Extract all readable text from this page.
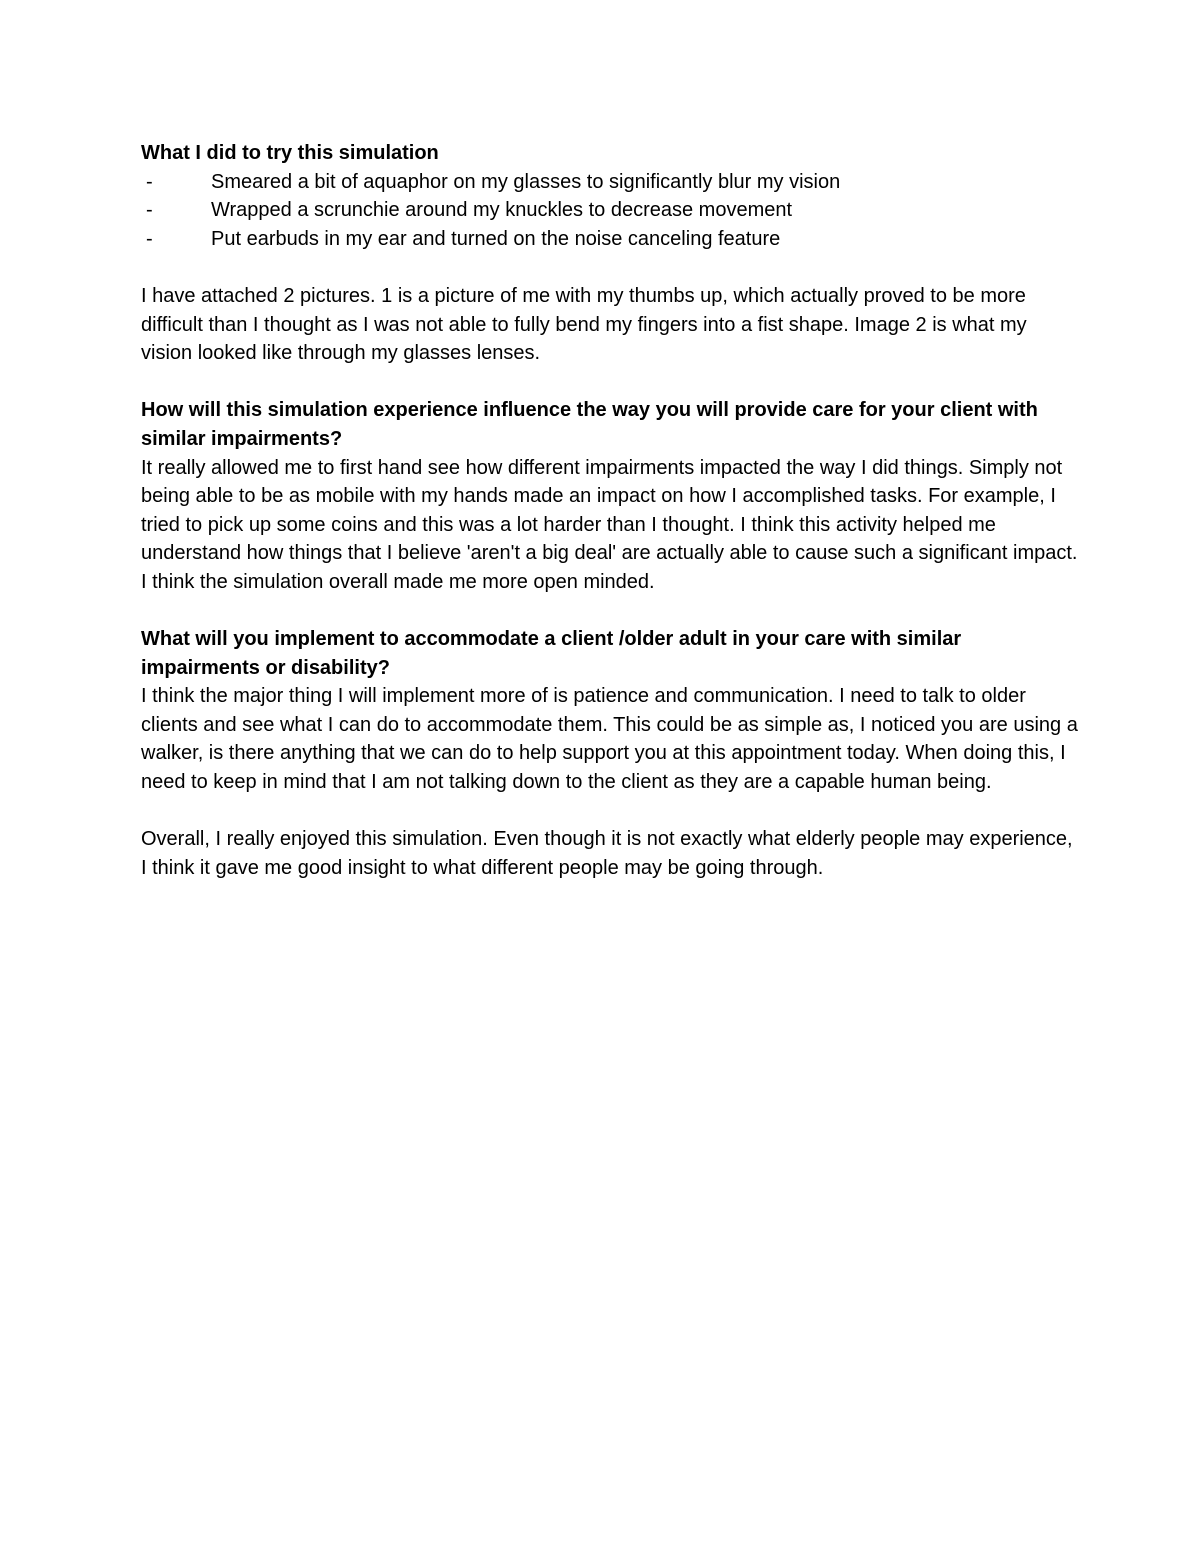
What I did to try this simulation

-	Smeared a bit of aquaphor on my glasses to significantly blur my vision
-	Wrapped a scrunchie around my knuckles to decrease movement
-	Put earbuds in my ear and turned on the noise canceling feature

I have attached 2 pictures. 1 is a picture of me with my thumbs up, which actually proved to be more difficult than I thought as I was not able to fully bend my fingers into a fist shape. Image 2 is what my vision looked like through my glasses lenses.

How will this simulation experience influence the way you will provide care for your client with similar impairments?

It really allowed me to first hand see how different impairments impacted the way I did things. Simply not being able to be as mobile with my hands made an impact on how I accomplished tasks. For example, I tried to pick up some coins and this was a lot harder than I thought. I think this activity helped me understand how things that I believe 'aren't a big deal' are actually able to cause such a significant impact. I think the simulation overall made me more open minded.

What will you implement to accommodate a client /older adult in your care with similar impairments or disability?

I think the major thing I will implement more of is patience and communication. I need to talk to older clients and see what I can do to accommodate them. This could be as simple as, I noticed you are using a walker, is there anything that we can do to help support you at this appointment today. When doing this, I need to keep in mind that I am not talking down to the client as they are a capable human being.

Overall, I really enjoyed this simulation. Even though it is not exactly what elderly people may experience, I think it gave me good insight to what different people may be going through.
